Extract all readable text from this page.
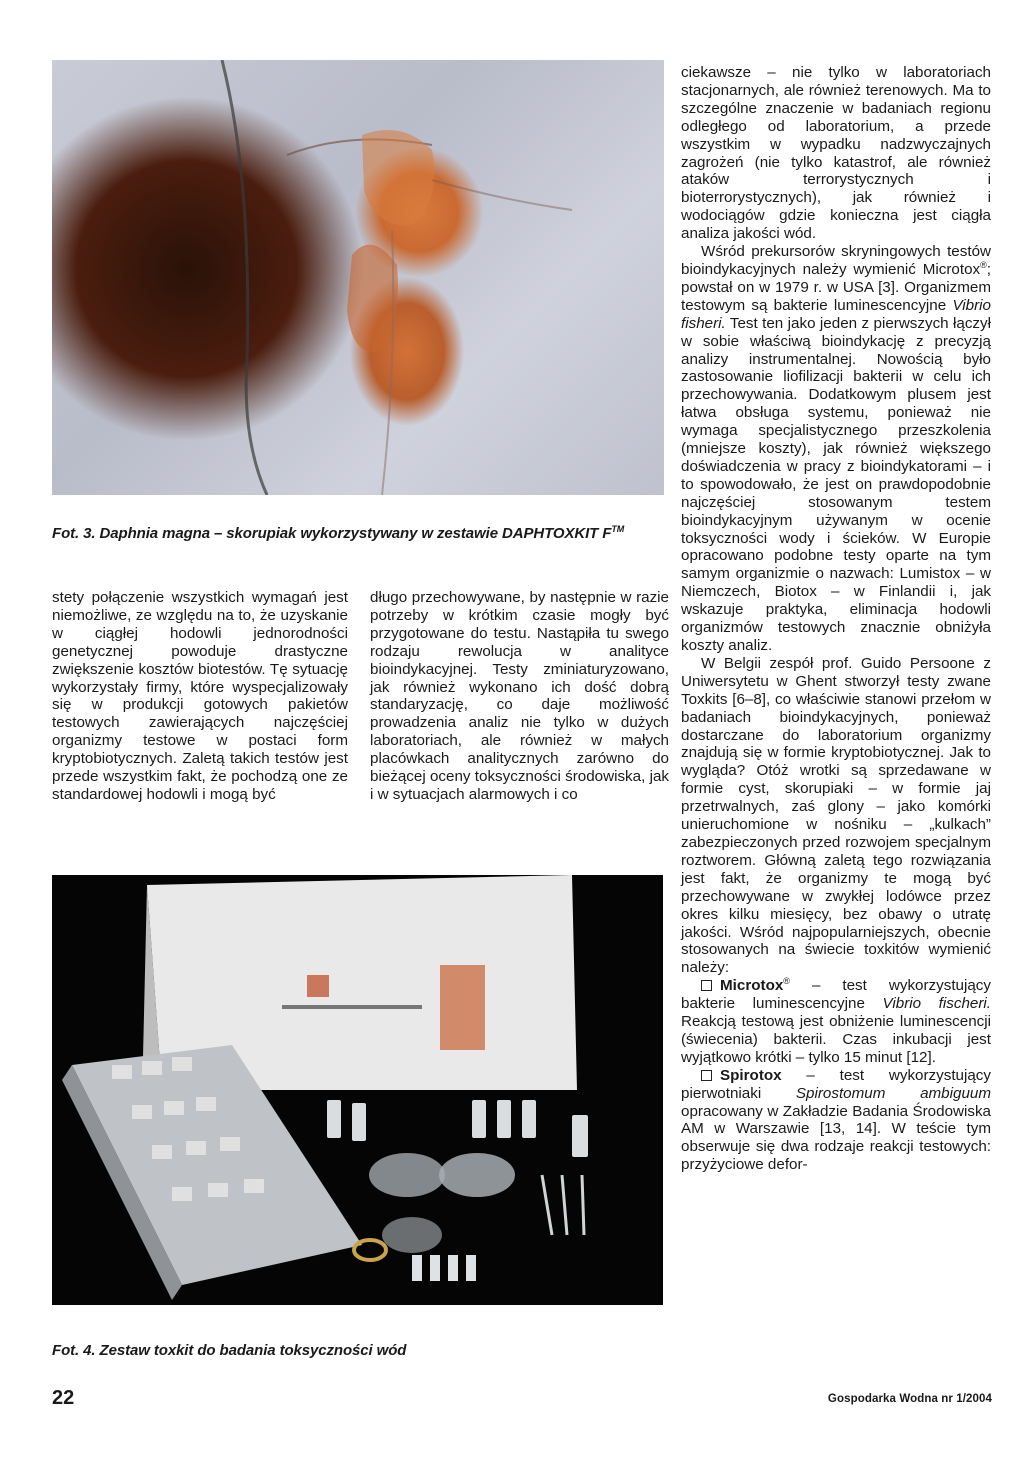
Fot. 3. Daphnia magna – skorupiak wykorzystywany w zestawie DAPHTOXKIT F™
Fot. 4. Zestaw toxkit do badania toksyczności wód

stety połączenie wszystkich wymagań jest niemożliwe, ze względu na to, że uzyskanie w ciągłej hodowli jednorodności genetycznej powoduje drastyczne zwiększenie kosztów biotestów. Tę sytuację wykorzystały firmy, które wyspecjalizowały się w produkcji gotowych pakietów testowych zawierających najczęściej organizmy testowe w postaci form kryptobiotycznych. Zaletą takich testów jest przede wszystkim fakt, że pochodzą one ze standardowej hodowli i mogą być

długo przechowywane, by następnie w razie potrzeby w krótkim czasie mogły być przygotowane do testu. Nastąpiła tu swego rodzaju rewolucja w analityce bioindykacyjnej. Testy zminiaturyzowano, jak również wykonano ich dość dobrą standaryzację, co daje możliwość prowadzenia analiz nie tylko w dużych laboratoriach, ale również w małych placówkach analitycznych zarówno do bieżącej oceny toksyczności środowiska, jak i w sytuacjach alarmowych i co

ciekawsze – nie tylko w laboratoriach stacjonarnych, ale również terenowych. Ma to szczególne znaczenie w badaniach regionu odległego od laboratorium, a przede wszystkim w wypadku nadzwyczajnych zagrożeń (nie tylko katastrof, ale również ataków terrorystycznych i bioterrorystycznych), jak również i wodociągów gdzie konieczna jest ciągła analiza jakości wód.

Wśród prekursorów skryningowych testów bioindykacyjnych należy wymienić Microtox®; powstał on w 1979 r. w USA [3]. Organizmem testowym są bakterie luminescencyjne Vibrio fisheri. Test ten jako jeden z pierwszych łączył w sobie właściwą bioindykację z precyzją analizy instrumentalnej. Nowością było zastosowanie liofilizacji bakterii w celu ich przechowywania. Dodatkowym plusem jest łatwa obsługa systemu, ponieważ nie wymaga specjalistycznego przeszkolenia (mniejsze koszty), jak również większego doświadczenia w pracy z bioindykatorami – i to spowodowało, że jest on prawdopodobnie najczęściej stosowanym testem bioindykacyjnym używanym w ocenie toksyczności wody i ścieków. W Europie opracowano podobne testy oparte na tym samym organizmie o nazwach: Lumistox – w Niemczech, Biotox – w Finlandii i, jak wskazuje praktyka, eliminacja hodowli organizmów testowych znacznie obniżyła koszty analiz.

W Belgii zespół prof. Guido Persoone z Uniwersytetu w Ghent stworzył testy zwane Toxkits [6–8], co właściwie stanowi przełom w badaniach bioindykacyjnych, ponieważ dostarczane do laboratorium organizmy znajdują się w formie kryptobiotycznej. Jak to wygląda? Otóż wrotki są sprzedawane w formie cyst, skorupiaki – w formie jaj przetrwalnych, zaś glony – jako komórki unieruchomione w nośniku – „kulkach” zabezpieczonych przed rozwojem specjalnym roztworem. Główną zaletą tego rozwiązania jest fakt, że organizmy te mogą być przechowywane w zwykłej lodówce przez okres kilku miesięcy, bez obawy o utratę jakości. Wśród najpopularniejszych, obecnie stosowanych na świecie toxkitów wymienić należy:

Microtox® – test wykorzystujący bakterie luminescencyjne Vibrio fischeri. Reakcją testową jest obniżenie luminescencji (świecenia) bakterii. Czas inkubacji jest wyjątkowo krótki – tylko 15 minut [12].

Spirotox – test wykorzystujący pierwotniaki Spirostomum ambiguum opracowany w Zakładzie Badania Środowiska AM w Warszawie [13, 14]. W teście tym obserwuje się dwa rodzaje reakcji testowych: przyżyciowe defor-

22	Gospodarka Wodna nr 1/2004
